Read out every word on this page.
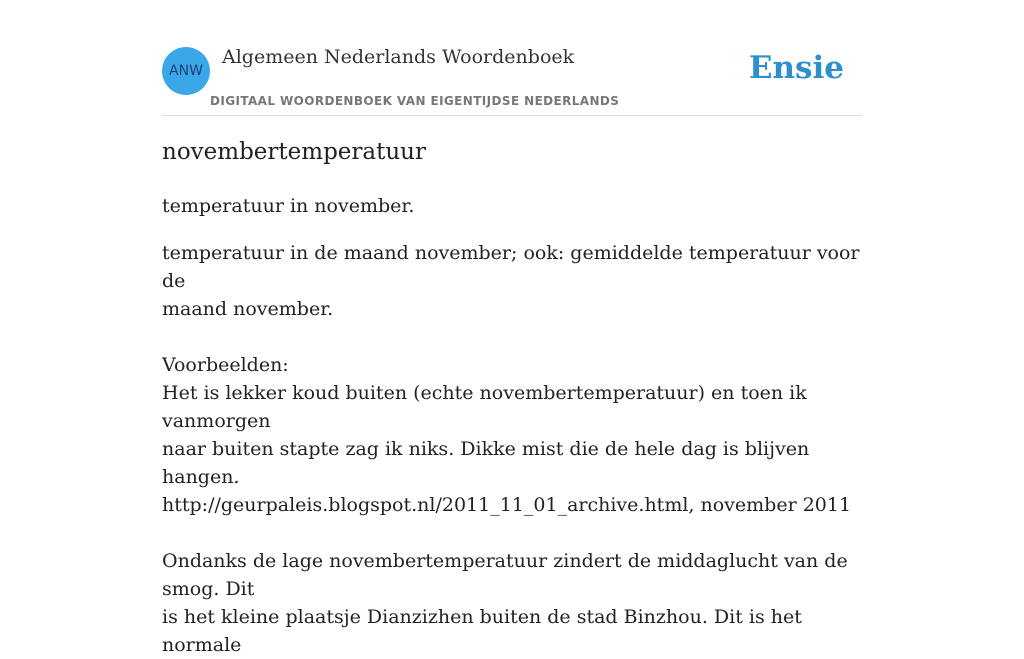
ANW
Algemeen Nederlands Woordenboek
DIGITAAL WOORDENBOEK VAN EIGENTIJDSE NEDERLANDS
Ensie
novembertemperatuur

temperatuur in november.

temperatuur in de maand november; ook: gemiddelde temperatuur voor de

maand november.

Voorbeelden:

Het is lekker koud buiten (echte novembertemperatuur) en toen ik vanmorgen

naar buiten stapte zag ik niks. Dikke mist die de hele dag is blijven hangen.

http://geurpaleis.blogspot.nl/2011_11_01_archive.html, november 2011

Ondanks de lage novembertemperatuur zindert de middaglucht van de smog. Dit

is het kleine plaatsje Dianzizhen buiten de stad Binzhou. Dit is het normale
